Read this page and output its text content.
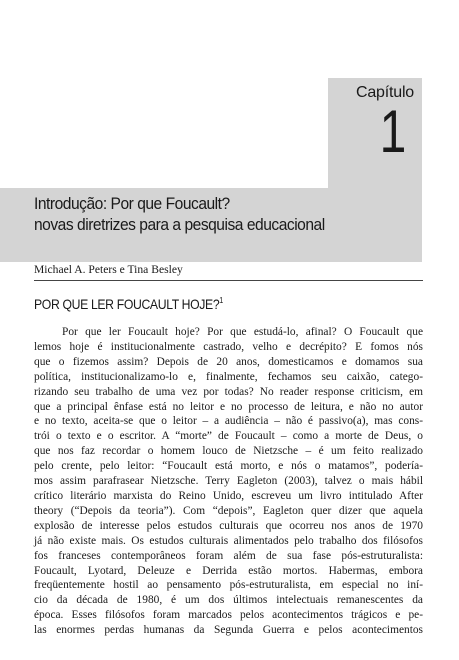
Capítulo
1
Introdução: Por que Foucault?
novas diretrizes para a pesquisa educacional
Michael A. Peters e Tina Besley
POR QUE LER FOUCAULT HOJE?$^1$
Por que ler Foucault hoje? Por que estudá-lo, afinal? O Foucault que
lemos hoje é institucionalmente castrado, velho e decrépito? E fomos nós
que o fizemos assim? Depois de 20 anos, domesticamos e domamos sua
política, institucionalizamo-lo e, finalmente, fechamos seu caixão, catego-
rizando seu trabalho de uma vez por todas? No reader response criticism, em
que a principal ênfase está no leitor e no processo de leitura, e não no autor
e no texto, aceita-se que o leitor – a audiência – não é passivo(a), mas cons-
trói o texto e o escritor. A “morte” de Foucault – como a morte de Deus, o
que nos faz recordar o homem louco de Nietzsche – é um feito realizado
pelo crente, pelo leitor: “Foucault está morto, e nós o matamos”, podería-
mos assim parafrasear Nietzsche. Terry Eagleton (2003), talvez o mais hábil
crítico literário marxista do Reino Unido, escreveu um livro intitulado After
theory (“Depois da teoria”). Com “depois”, Eagleton quer dizer que aquela
explosão de interesse pelos estudos culturais que ocorreu nos anos de 1970
já não existe mais. Os estudos culturais alimentados pelo trabalho dos filósofos
fos franceses contemporâneos foram além de sua fase pós-estruturalista:
Foucault, Lyotard, Deleuze e Derrida estão mortos. Habermas, embora
freqüentemente hostil ao pensamento pós-estruturalista, em especial no iní-
cio da década de 1980, é um dos últimos intelectuais remanescentes da
época. Esses filósofos foram marcados pelos acontecimentos trágicos e pe-
las enormes perdas humanas da Segunda Guerra e pelos acontecimentos
